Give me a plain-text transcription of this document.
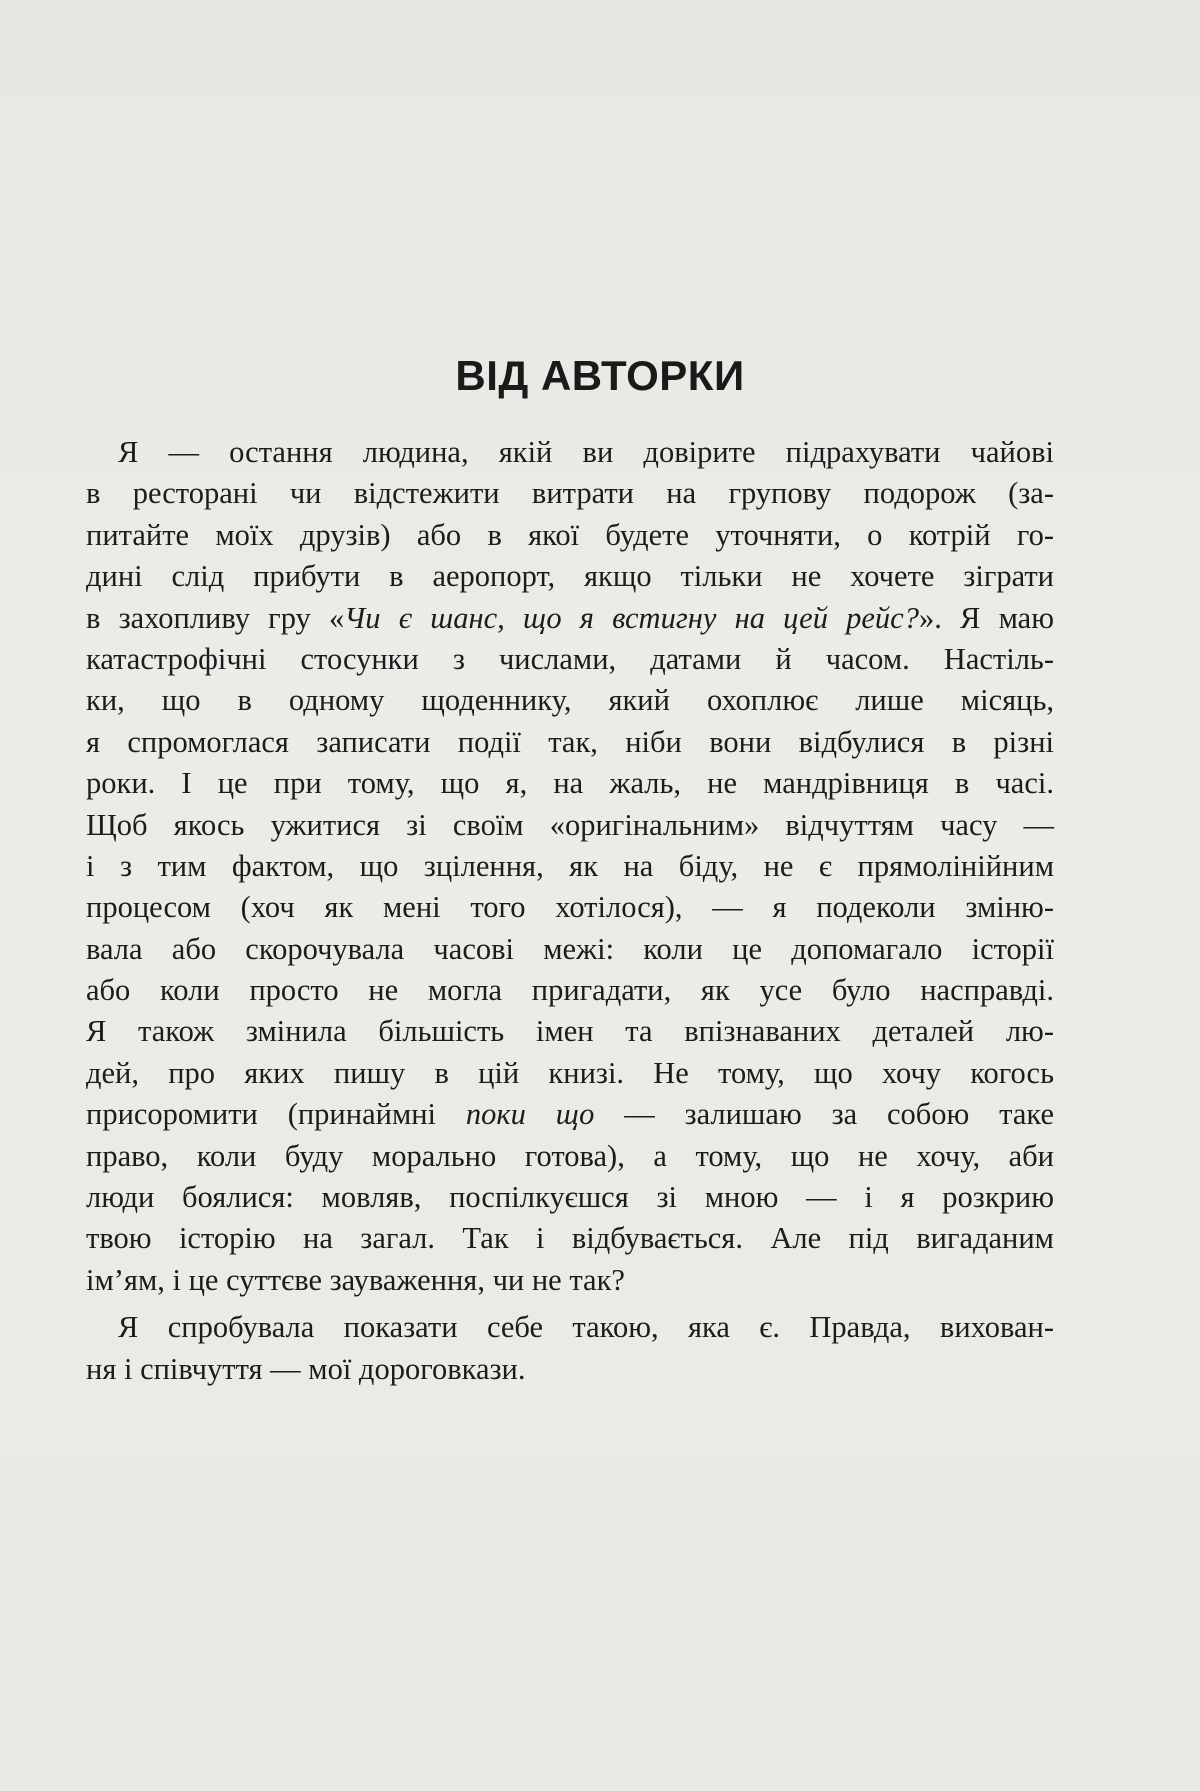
ВІД АВТОРКИ
Я — остання людина, якій ви довірите підрахувати чайові
в ресторані чи відстежити витрати на групову подорож (за-
питайте моїх друзів) або в якої будете уточняти, о котрій го-
дині слід прибути в аеропорт, якщо тільки не хочете зіграти
в захопливу гру «Чи є шанс, що я встигну на цей рейс?». Я маю
катастрофічні стосунки з числами, датами й часом. Настіль-
ки, що в одному щоденнику, який охоплює лише місяць,
я спромоглася записати події так, ніби вони відбулися в різні
роки. І це при тому, що я, на жаль, не мандрівниця в часі.
Щоб якось ужитися зі своїм «оригінальним» відчуттям часу —
і з тим фактом, що зцілення, як на біду, не є прямолінійним
процесом (хоч як мені того хотілося), — я подеколи зміню-
вала або скорочувала часові межі: коли це допомагало історії
або коли просто не могла пригадати, як усе було насправді.
Я також змінила більшість імен та впізнаваних деталей лю-
дей, про яких пишу в цій книзі. Не тому, що хочу когось
присоромити (принаймні поки що — залишаю за собою таке
право, коли буду морально готова), а тому, що не хочу, аби
люди боялися: мовляв, поспілкуєшся зі мною — і я розкрию
твою історію на загал. Так і відбувається. Але під вигаданим
ім’ям, і це суттєве зауваження, чи не так?
Я спробувала показати себе такою, яка є. Правда, вихован-
ня і співчуття — мої дороговкази.
